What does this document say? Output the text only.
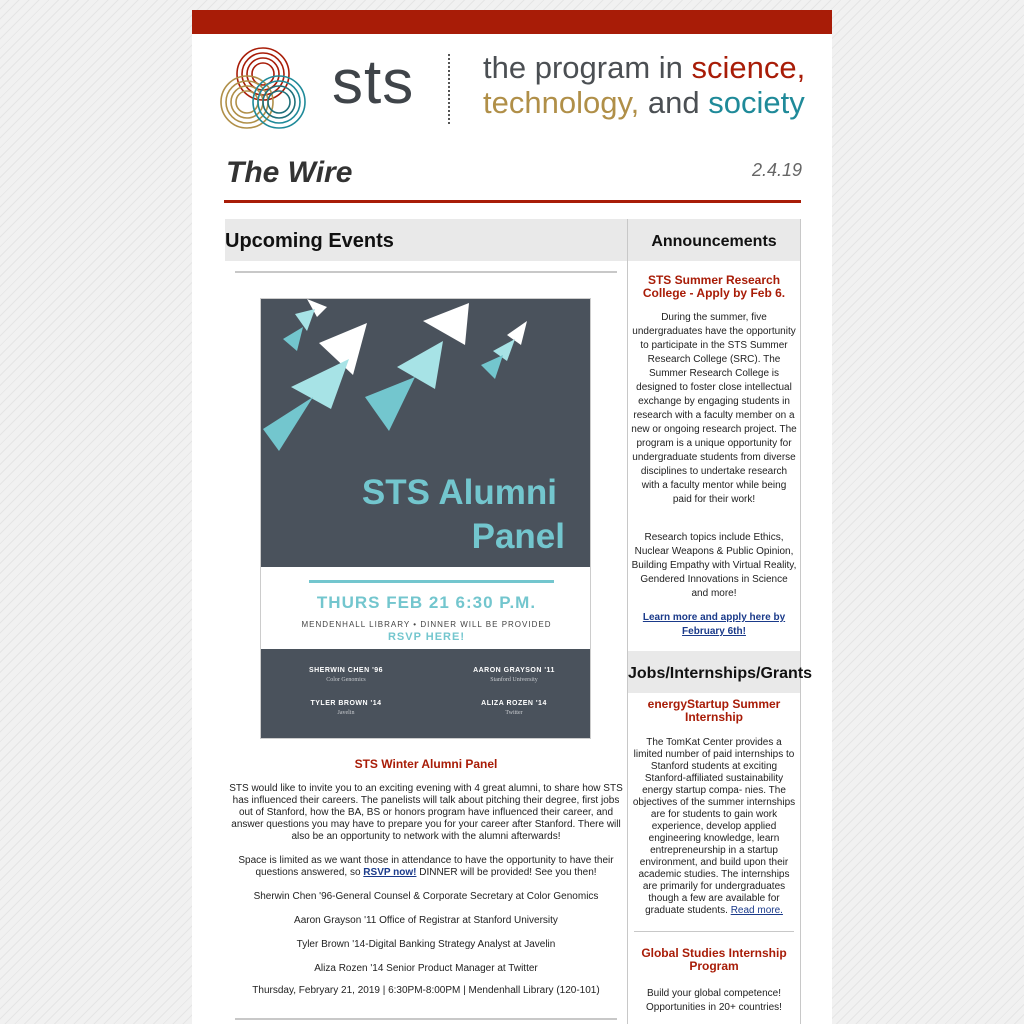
sts the program in science,
technology, and society
The Wire	2.4.19
Upcoming Events
STS Alumni
Panel
THURS FEB 21 6:30 P.M.
MENDENHALL LIBRARY • DINNER WILL BE PROVIDED
RSVP HERE!
SHERWIN CHEN '96
Color Genomics
AARON GRAYSON '11
Stanford University
TYLER BROWN '14
Javelin
ALIZA ROZEN '14
Twitter
STS Winter Alumni Panel

STS would like to invite you to an exciting evening with 4 great alumni, to share how STS has influenced their careers. The panelists will talk about pitching their degree, first jobs out of Stanford, how the BA, BS or honors program have influenced their career, and answer questions you may have to prepare you for your career after Stanford. There will also be an opportunity to network with the alumni afterwards!

Space is limited as we want those in attendance to have the opportunity to have their questions answered, so RSVP now! DINNER will be provided! See you then!

Sherwin Chen '96-General Counsel & Corporate Secretary at Color Genomics
Aaron Grayson '11 Office of Registrar at Stanford University
Tyler Brown '14-Digital Banking Strategy Analyst at Javelin
Aliza Rozen '14 Senior Product Manager at Twitter
Thursday, Febryary 21, 2019 | 6:30PM-8:00PM | Mendenhall Library (120-101)
Announcements
STS Summer Research College - Apply by Feb 6.
During the summer, five undergraduates have the opportunity to participate in the STS Summer Research College (SRC). The Summer Research College is designed to foster close intellectual exchange by engaging students in research with a faculty member on a new or ongoing research project. The program is a unique opportunity for undergraduate students from diverse disciplines to undertake research with a faculty mentor while being paid for their work!
Research topics include Ethics, Nuclear Weapons & Public Opinion, Building Empathy with Virtual Reality, Gendered Innovations in Science and more!
Learn more and apply here by February 6th!
Jobs/Internships/Grants
energyStartup Summer Internship
The TomKat Center provides a limited number of paid internships to Stanford students at exciting Stanford-affiliated sustainability energy startup compa- nies. The objectives of the summer internships are for students to gain work experience, develop applied engineering knowledge, learn entrepreneurship in a startup environment, and build upon their academic studies. The internships are primarily for undergraduates though a few are available for graduate students. Read more.
Global Studies Internship Program
Build your global competence! Opportunities in 20+ countries!
